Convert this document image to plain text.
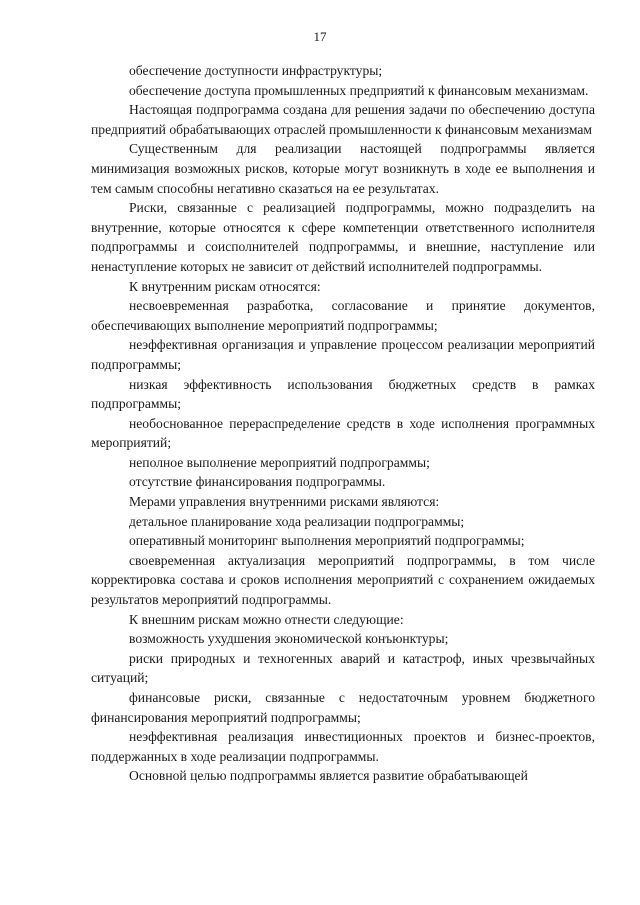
17

обеспечение доступности инфраструктуры;

обеспечение доступа промышленных предприятий к финансовым механизмам.

Настоящая подпрограмма создана для решения задачи по обеспечению доступа предприятий обрабатывающих отраслей промышленности к финансовым механизмам

Существенным для реализации настоящей подпрограммы является минимизация возможных рисков, которые могут возникнуть в ходе ее выполнения и тем самым способны негативно сказаться на ее результатах.

Риски, связанные с реализацией подпрограммы, можно подразделить на внутренние, которые относятся к сфере компетенции ответственного исполнителя подпрограммы и соисполнителей подпрограммы, и внешние, наступление или ненаступление которых не зависит от действий исполнителей подпрограммы.

К внутренним рискам относятся:

несвоевременная разработка, согласование и принятие документов, обеспечивающих выполнение мероприятий подпрограммы;

неэффективная организация и управление процессом реализации мероприятий подпрограммы;

низкая эффективность использования бюджетных средств в рамках подпрограммы;

необоснованное перераспределение средств в ходе исполнения программных мероприятий;

неполное выполнение мероприятий подпрограммы;

отсутствие финансирования подпрограммы.

Мерами управления внутренними рисками являются:

детальное планирование хода реализации подпрограммы;

оперативный мониторинг выполнения мероприятий подпрограммы;

своевременная актуализация мероприятий подпрограммы, в том числе корректировка состава и сроков исполнения мероприятий с сохранением ожидаемых результатов мероприятий подпрограммы.

К внешним рискам можно отнести следующие:

возможность ухудшения экономической конъюнктуры;

риски природных и техногенных аварий и катастроф, иных чрезвычайных ситуаций;

финансовые риски, связанные с недостаточным уровнем бюджетного финансирования мероприятий подпрограммы;

неэффективная реализация инвестиционных проектов и бизнес-проектов, поддержанных в ходе реализации подпрограммы.

Основной целью подпрограммы является развитие обрабатывающей
